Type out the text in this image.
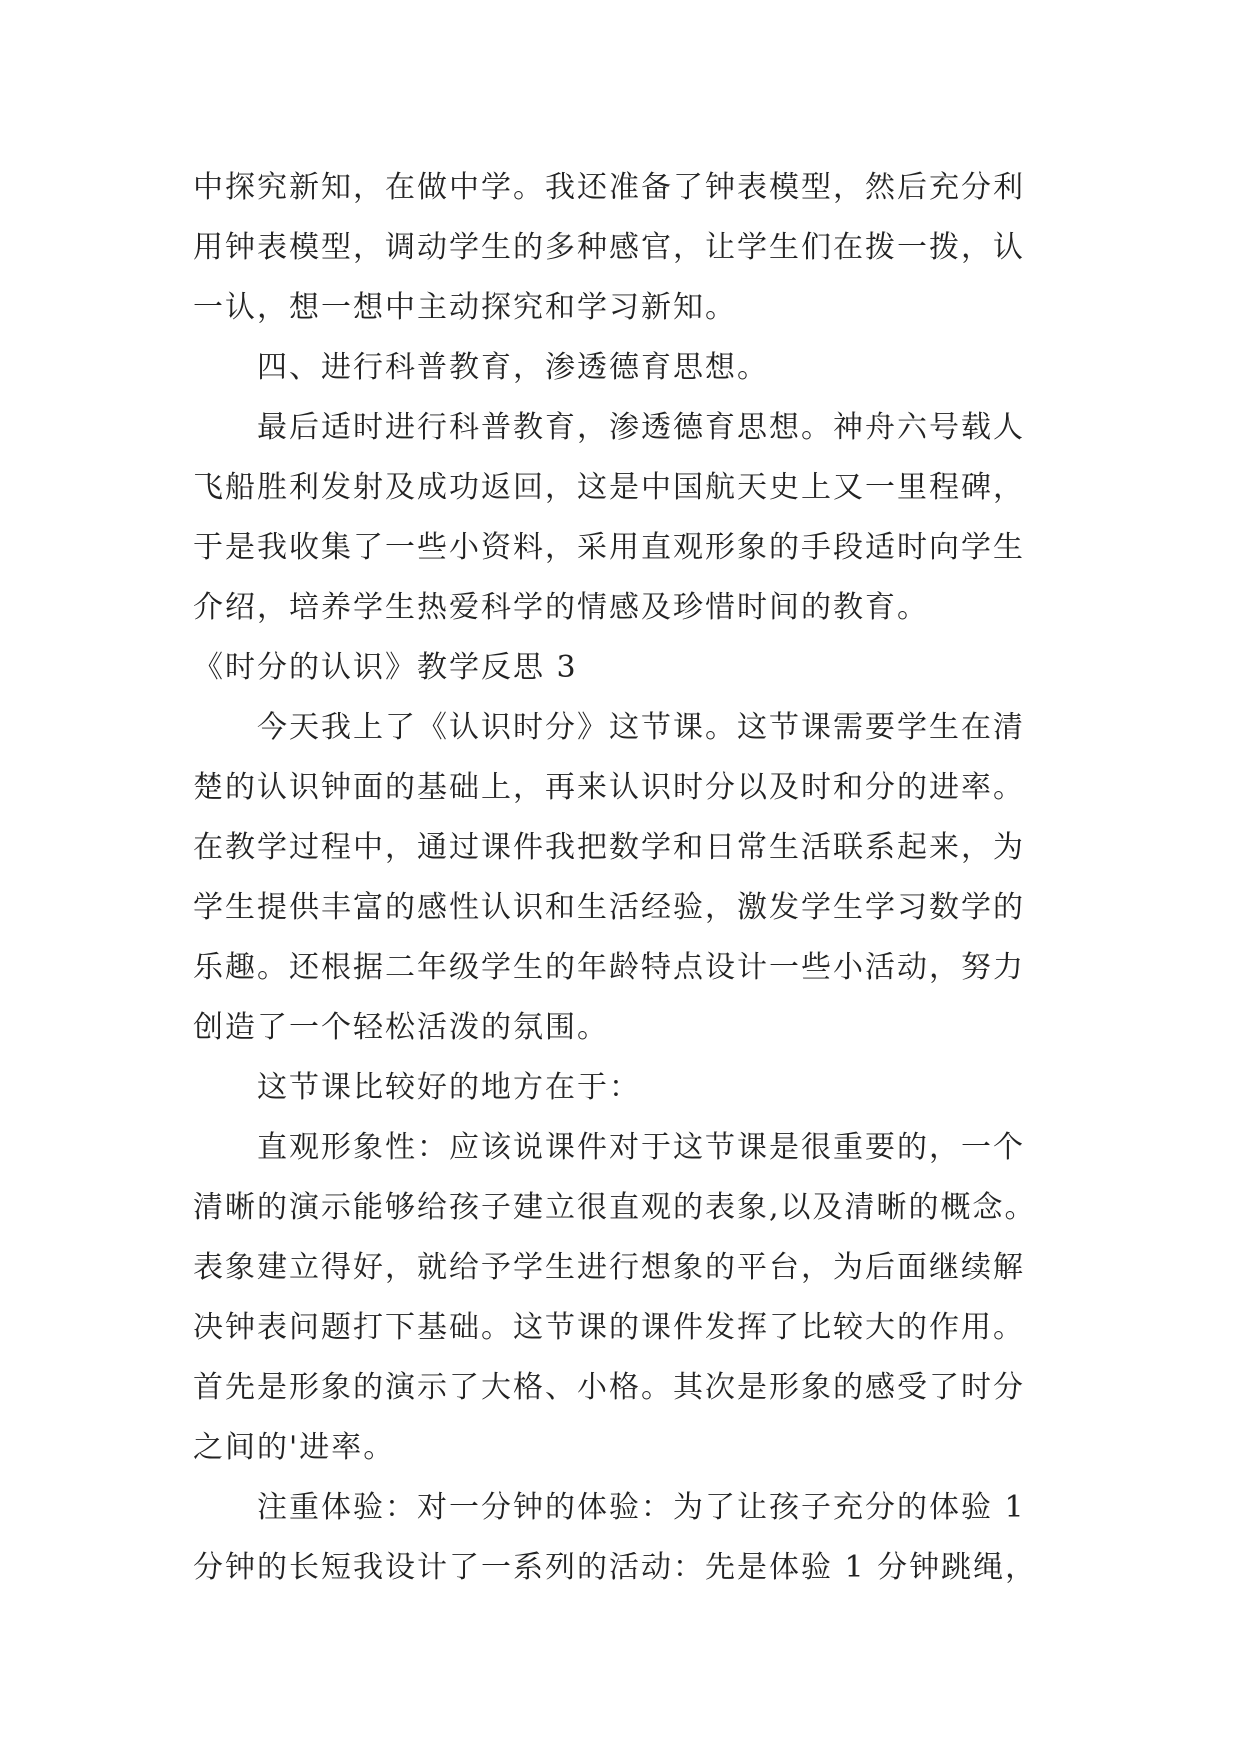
中探究新知，在做中学。我还准备了钟表模型，然后充分利
用钟表模型，调动学生的多种感官，让学生们在拨一拨，认
一认，想一想中主动探究和学习新知。
四、进行科普教育，渗透德育思想。
最后适时进行科普教育，渗透德育思想。神舟六号载人
飞船胜利发射及成功返回，这是中国航天史上又一里程碑，
于是我收集了一些小资料，采用直观形象的手段适时向学生
介绍，培养学生热爱科学的情感及珍惜时间的教育。
《时分的认识》教学反思 3
今天我上了《认识时分》这节课。这节课需要学生在清
楚的认识钟面的基础上，再来认识时分以及时和分的进率。
在教学过程中，通过课件我把数学和日常生活联系起来，为
学生提供丰富的感性认识和生活经验，激发学生学习数学的
乐趣。还根据二年级学生的年龄特点设计一些小活动，努力
创造了一个轻松活泼的氛围。
这节课比较好的地方在于：
直观形象性：应该说课件对于这节课是很重要的，一个
清晰的演示能够给孩子建立很直观的表象,以及清晰的概念。
表象建立得好，就给予学生进行想象的平台，为后面继续解
决钟表问题打下基础。这节课的课件发挥了比较大的作用。
首先是形象的演示了大格、小格。其次是形象的感受了时分
之间的'进率。
注重体验：对一分钟的体验：为了让孩子充分的体验 1
分钟的长短我设计了一系列的活动：先是体验 1 分钟跳绳，
